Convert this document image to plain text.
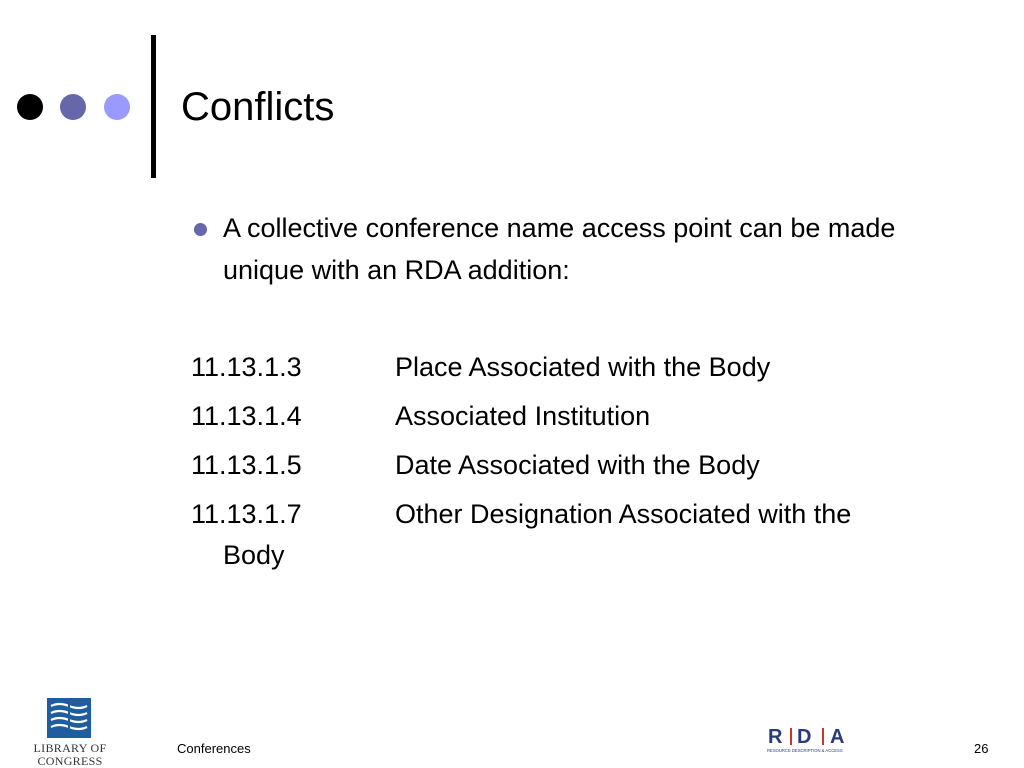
Conflicts
A collective conference name access point can be made unique with an RDA addition:
11.13.1.3	Place Associated with the Body
11.13.1.4	Associated Institution
11.13.1.5	Date Associated with the Body
11.13.1.7	Other Designation Associated with the
Body
LIBRARY OF
CONGRESS
Conferences
R D A
RESOURCE DESCRIPTION & ACCESS	26
